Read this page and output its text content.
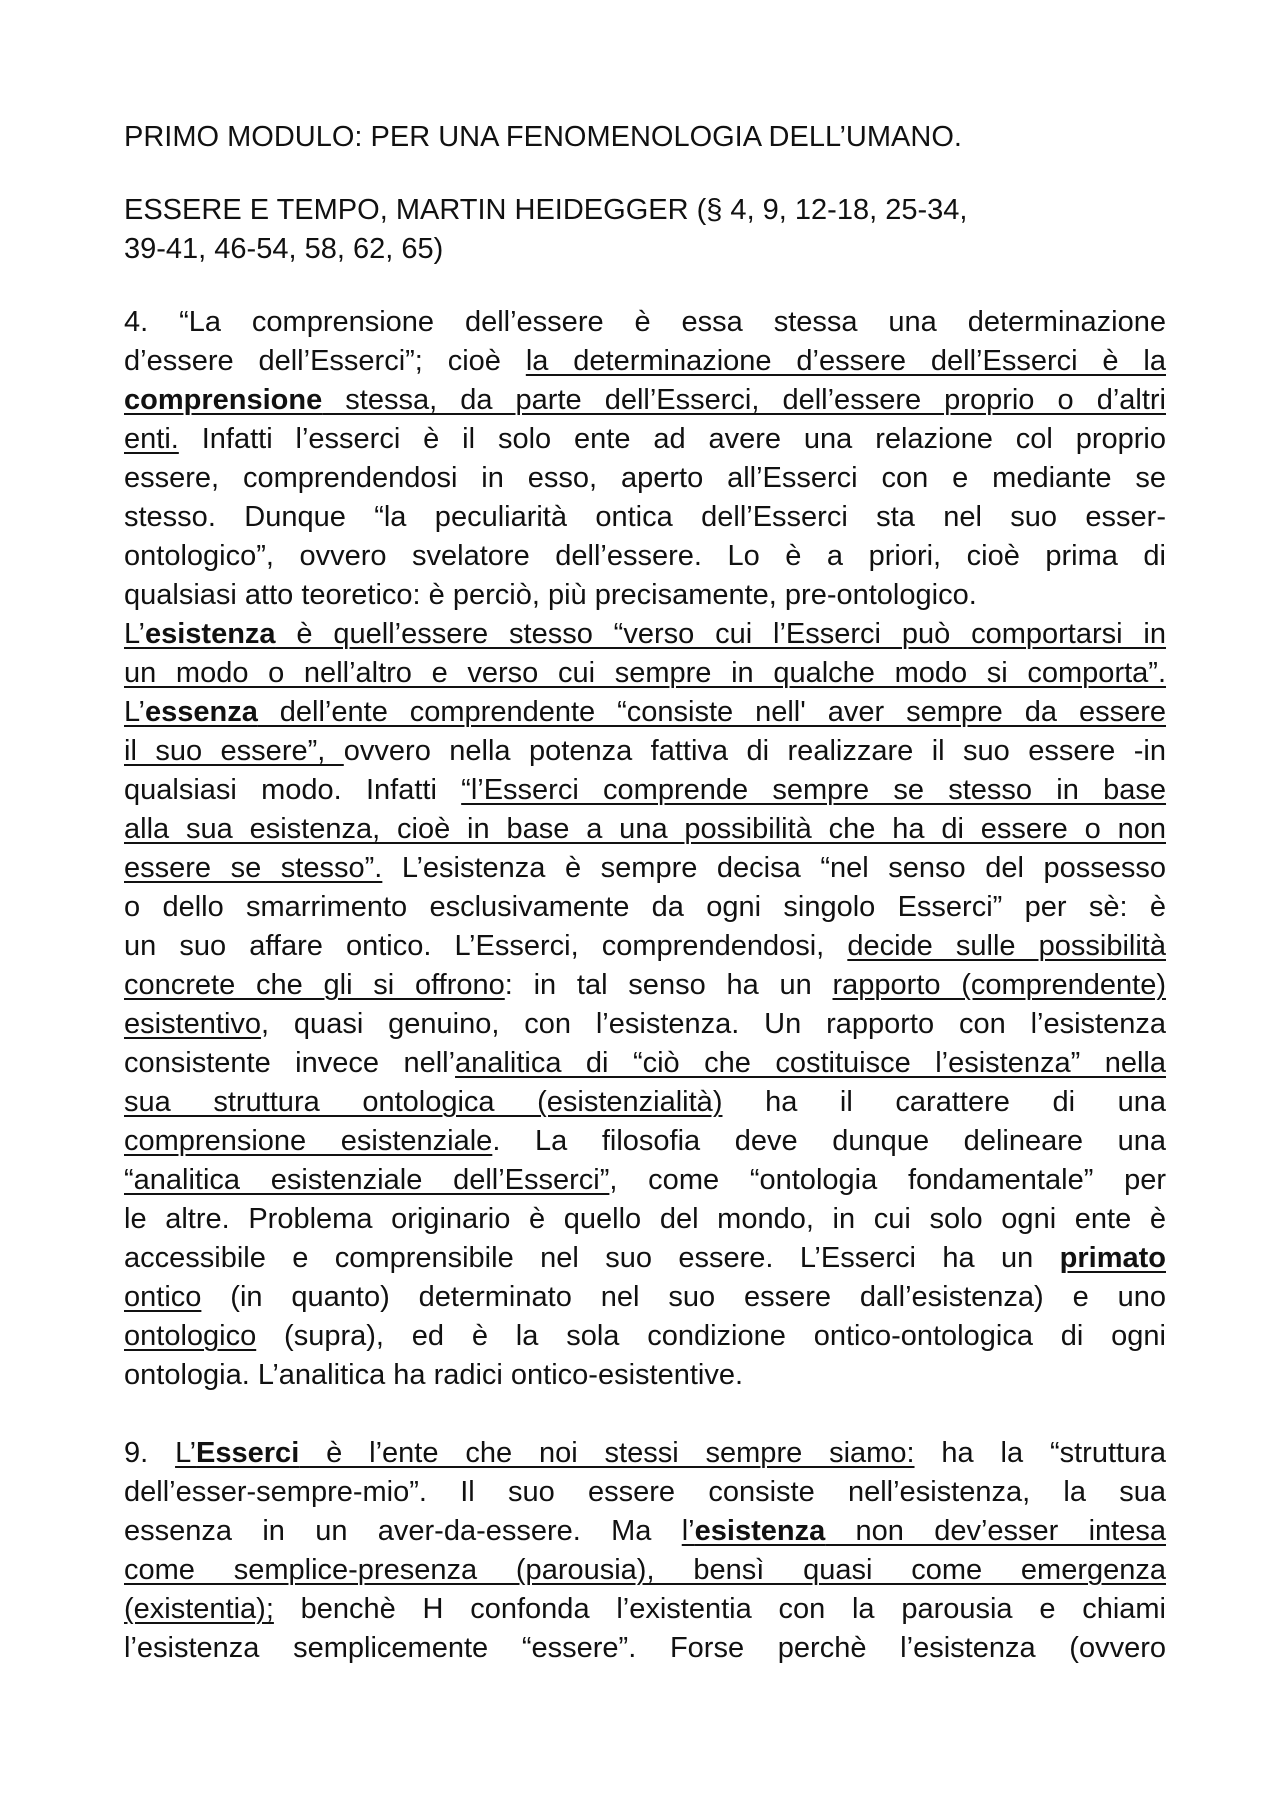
PRIMO MODULO: PER UNA FENOMENOLOGIA DELL’UMANO.
ESSERE E TEMPO, MARTIN HEIDEGGER (§ 4, 9, 12-18, 25-34,
39-41, 46-54, 58, 62, 65)
4. “La comprensione dell’essere è essa stessa una determinazione
d’essere dell’Esserci”; cioè la determinazione d’essere dell’Esserci è la
comprensione stessa, da parte dell’Esserci, dell’essere proprio o d’altri
enti. Infatti l’esserci è il solo ente ad avere una relazione col proprio
essere, comprendendosi in esso, aperto all’Esserci con e mediante se
stesso. Dunque “la peculiarità ontica dell’Esserci sta nel suo esser-
ontologico”, ovvero svelatore dell’essere. Lo è a priori, cioè prima di
qualsiasi atto teoretico: è perciò, più precisamente, pre-ontologico.
L’esistenza è quell’essere stesso “verso cui l’Esserci può comportarsi in
un modo o nell’altro e verso cui sempre in qualche modo si comporta”.
L’essenza dell’ente comprendente “consiste nell' aver sempre da essere
il suo essere”, ovvero nella potenza fattiva di realizzare il suo essere -in
qualsiasi modo. Infatti “l’Esserci comprende sempre se stesso in base
alla sua esistenza, cioè in base a una possibilità che ha di essere o non
essere se stesso”. L’esistenza è sempre decisa “nel senso del possesso
o dello smarrimento esclusivamente da ogni singolo Esserci” per sè: è
un suo affare ontico. L’Esserci, comprendendosi, decide sulle possibilità
concrete che gli si offrono: in tal senso ha un rapporto (comprendente)
esistentivo, quasi genuino, con l’esistenza. Un rapporto con l’esistenza
consistente invece nell’analitica di “ciò che costituisce l’esistenza” nella
sua struttura ontologica (esistenzialità) ha il carattere di una
comprensione esistenziale. La filosofia deve dunque delineare una
“analitica esistenziale dell’Esserci”, come “ontologia fondamentale” per
le altre. Problema originario è quello del mondo, in cui solo ogni ente è
accessibile e comprensibile nel suo essere. L’Esserci ha un primato
ontico (in quanto) determinato nel suo essere dall’esistenza) e uno
ontologico (supra), ed è la sola condizione ontico-ontologica di ogni
ontologia. L’analitica ha radici ontico-esistentive.
9. L’Esserci è l’ente che noi stessi sempre siamo: ha la “struttura
dell’esser-sempre-mio”. Il suo essere consiste nell’esistenza, la sua
essenza in un aver-da-essere. Ma l’esistenza non dev’esser intesa
come semplice-presenza (parousia), bensì quasi come emergenza
(existentia); benchè H confonda l’existentia con la parousia e chiami
l’esistenza semplicemente “essere”. Forse perchè l’esistenza (ovvero
